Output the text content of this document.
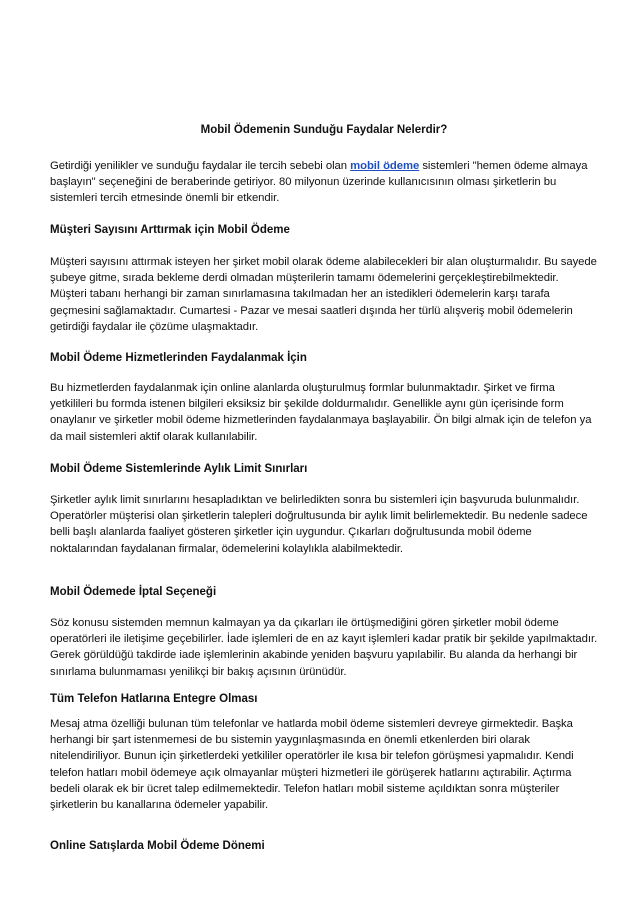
Mobil Ödemenin Sunduğu Faydalar Nelerdir?
Getirdiği yenilikler ve sunduğu faydalar ile tercih sebebi olan mobil ödeme sistemleri "hemen ödeme almaya başlayın" seçeneğini de beraberinde getiriyor. 80 milyonun üzerinde kullanıcısının olması şirketlerin bu sistemleri tercih etmesinde önemli bir etkendir.
Müşteri Sayısını Arttırmak için Mobil Ödeme
Müşteri sayısını attırmak isteyen her şirket mobil olarak ödeme alabilecekleri bir alan oluşturmalıdır. Bu sayede şubeye gitme, sırada bekleme derdi olmadan müşterilerin tamamı ödemelerini gerçekleştirebilmektedir. Müşteri tabanı herhangi bir zaman sınırlamasına takılmadan her an istedikleri ödemelerin karşı tarafa geçmesini sağlamaktadır. Cumartesi - Pazar ve mesai saatleri dışında her türlü alışveriş mobil ödemelerin getirdiği faydalar ile çözüme ulaşmaktadır.
Mobil Ödeme Hizmetlerinden Faydalanmak İçin
Bu hizmetlerden faydalanmak için online alanlarda oluşturulmuş formlar bulunmaktadır. Şirket ve firma yetkilileri bu formda istenen bilgileri eksiksiz bir şekilde doldurmalıdır. Genellikle aynı gün içerisinde form onaylanır ve şirketler mobil ödeme hizmetlerinden faydalanmaya başlayabilir. Ön bilgi almak için de telefon ya da mail sistemleri aktif olarak kullanılabilir.
Mobil Ödeme Sistemlerinde Aylık Limit Sınırları
Şirketler aylık limit sınırlarını hesapladıktan ve belirledikten sonra bu sistemleri için başvuruda bulunmalıdır. Operatörler müşterisi olan şirketlerin talepleri doğrultusunda bir aylık limit belirlemektedir. Bu nedenle sadece belli başlı alanlarda faaliyet gösteren şirketler için uygundur. Çıkarları doğrultusunda mobil ödeme noktalarından faydalanan firmalar, ödemelerini kolaylıkla alabilmektedir.
Mobil Ödemede İptal Seçeneği
Söz konusu sistemden memnun kalmayan ya da çıkarları ile örtüşmediğini gören şirketler mobil ödeme operatörleri ile iletişime geçebilirler. İade işlemleri de en az kayıt işlemleri kadar pratik bir şekilde yapılmaktadır. Gerek görüldüğü takdirde iade işlemlerinin akabinde yeniden başvuru yapılabilir. Bu alanda da herhangi bir sınırlama bulunmaması yenilikçi bir bakış açısının ürünüdür.
Tüm Telefon Hatlarına Entegre Olması
Mesaj atma özelliği bulunan tüm telefonlar ve hatlarda mobil ödeme sistemleri devreye girmektedir. Başka herhangi bir şart istenmemesi de bu sistemin yaygınlaşmasında en önemli etkenlerden biri olarak nitelendiriliyor. Bunun için şirketlerdeki yetkililer operatörler ile kısa bir telefon görüşmesi yapmalıdır. Kendi telefon hatları mobil ödemeye açık olmayanlar müşteri hizmetleri ile görüşerek hatlarını açtırabilir. Açtırma bedeli olarak ek bir ücret talep edilmemektedir. Telefon hatları mobil sisteme açıldıktan sonra müşteriler şirketlerin bu kanallarına ödemeler yapabilir.
Online Satışlarda Mobil Ödeme Dönemi
